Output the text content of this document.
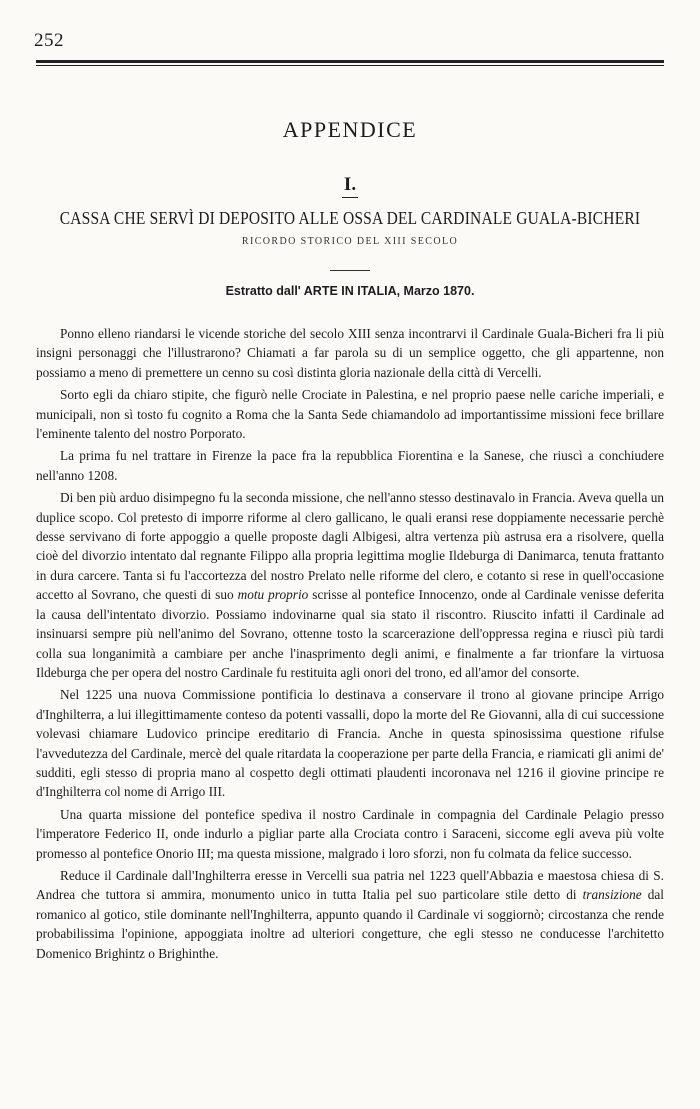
252
APPENDICE
I.
CASSA CHE SERVÌ DI DEPOSITO ALLE OSSA DEL CARDINALE GUALA-BICHERI
RICORDO STORICO DEL XIII SECOLO
Estratto dall' ARTE IN ITALIA, Marzo 1870.

Ponno elleno riandarsi le vicende storiche del secolo XIII senza incontrarvi il Cardinale Guala-Bicheri fra li più insigni personaggi che l'illustrarono? Chiamati a far parola su di un semplice oggetto, che gli appartenne, non possiamo a meno di premettere un cenno su così distinta gloria nazionale della città di Vercelli.

Sorto egli da chiaro stipite, che figurò nelle Crociate in Palestina, e nel proprio paese nelle cariche imperiali, e municipali, non sì tosto fu cognito a Roma che la Santa Sede chiamandolo ad importantissime missioni fece brillare l'eminente talento del nostro Porporato.

La prima fu nel trattare in Firenze la pace fra la repubblica Fiorentina e la Sanese, che riuscì a conchiudere nell'anno 1208.

Di ben più arduo disimpegno fu la seconda missione, che nell'anno stesso destinavalo in Francia. Aveva quella un duplice scopo. Col pretesto di imporre riforme al clero gallicano, le quali eransi rese doppiamente necessarie perchè desse servivano di forte appoggio a quelle proposte dagli Albigesi, altra vertenza più astrusa era a risolvere, quella cioè del divorzio intentato dal regnante Filippo alla propria legittima moglie Ildeburga di Danimarca, tenuta frattanto in dura carcere. Tanta si fu l'accortezza del nostro Prelato nelle riforme del clero, e cotanto si rese in quell'occasione accetto al Sovrano, che questi di suo motu proprio scrisse al pontefice Innocenzo, onde al Cardinale venisse deferita la causa dell'intentato divorzio. Possiamo indovinarne qual sia stato il riscontro. Riuscito infatti il Cardinale ad insinuarsi sempre più nell'animo del Sovrano, ottenne tosto la scarcerazione dell'oppressa regina e riuscì più tardi colla sua longanimità a cambiare per anche l'inasprimento degli animi, e finalmente a far trionfare la virtuosa Ildeburga che per opera del nostro Cardinale fu restituita agli onori del trono, ed all'amor del consorte.

Nel 1225 una nuova Commissione pontificia lo destinava a conservare il trono al giovane principe Arrigo d'Inghilterra, a lui illegittimamente conteso da potenti vassalli, dopo la morte del Re Giovanni, alla di cui successione volevasi chiamare Ludovico principe ereditario di Francia. Anche in questa spinosissima questione rifulse l'avvedutezza del Cardinale, mercè del quale ritardata la cooperazione per parte della Francia, e riamicati gli animi de' sudditi, egli stesso di propria mano al cospetto degli ottimati plaudenti incoronava nel 1216 il giovine principe re d'Inghilterra col nome di Arrigo III.

Una quarta missione del pontefice spediva il nostro Cardinale in compagnia del Cardinale Pelagio presso l'imperatore Federico II, onde indurlo a pigliar parte alla Crociata contro i Saraceni, siccome egli aveva più volte promesso al pontefice Onorio III; ma questa missione, malgrado i loro sforzi, non fu colmata da felice successo.

Reduce il Cardinale dall'Inghilterra eresse in Vercelli sua patria nel 1223 quell'Abbazia e maestosa chiesa di S. Andrea che tuttora si ammira, monumento unico in tutta Italia pel suo particolare stile detto di transizione dal romanico al gotico, stile dominante nell'Inghilterra, appunto quando il Cardinale vi soggiornò; circostanza che rende probabilissima l'opinione, appoggiata inoltre ad ulteriori congetture, che egli stesso ne conducesse l'architetto Domenico Brighintz o Brighinthe.
